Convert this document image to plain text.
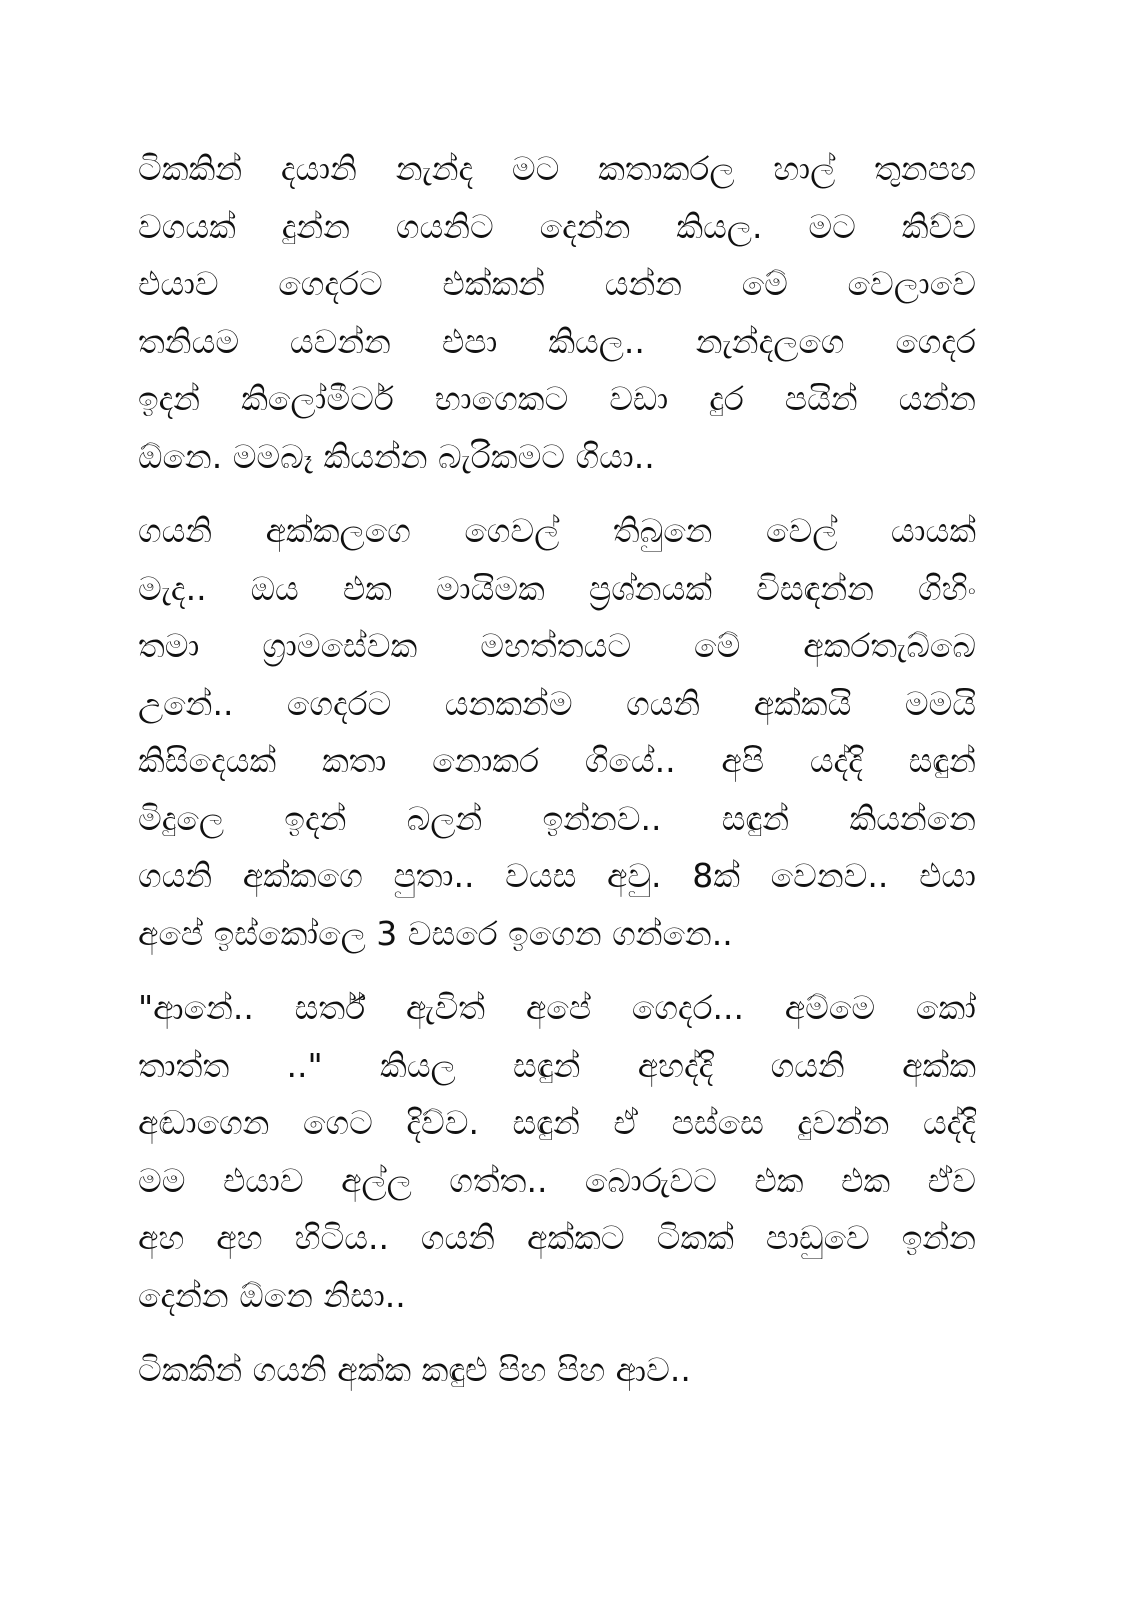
ටිකකින් දයානි නැන්ද මට කතාකරල හාල් තුනපහ
වගයක් දුන්න ගයනිට දෙන්න කියල. මට කිව්ව
එයාව ගෙදරට එක්කන් යන්න මේ වෙලාවෙ
තනියම යවන්න එපා කියල.. නැන්දලගෙ ගෙදර
ඉදන් කිලෝමීටර් භාගෙකට වඩා දුර පයින් යන්න
ඕනෙ. මමබෑ කියන්න බැරිකමට ගියා..
ගයනි අක්කලගෙ ගෙවල් තිබුනෙ වෙල් යායක්
මැද.. ඔය එක මායිමක ප්‍රශ්නයක් විසඳන්න ගිහිං
තමා ග්‍රාමසේවක මහත්තයට මේ අකරතැබ්බෙ
උනේ.. ගෙදරට යනකන්ම ගයනි අක්කයි මමයි
කිසිදෙයක් කතා නොකර ගියේ.. අපි යද්දි සඳුන්
මිදුලෙ ඉදන් බලන් ඉන්නව.. සඳුන් කියන්නෙ
ගයනි අක්කගෙ පුතා.. වයස අවු. 8ක් වෙනව.. එයා
අපේ ඉස්කෝලෙ 3 වසරෙ ඉගෙන ගන්නෙ..
"ආනේ.. සර්ත් ඇවිත් අපේ ගෙදර... අම්මෙ කෝ
තාත්ත .." කියල සඳුන් අහද්දි ගයනි අක්ක
අඬාගෙන ගෙට දිව්ව. සඳුන් ඒ පස්සෙ දුවන්න යද්දි
මම එයාව අල්ල ගත්ත.. බොරුවට එක එක ඒව
අහ අහ හිටිය.. ගයනි අක්කට ටිකක් පාඩුවෙ ඉන්න
දෙන්න ඕනෙ නිසා..
ටිකකින් ගයනි අක්ක කඳුළු පිහ පිහ ආව..
